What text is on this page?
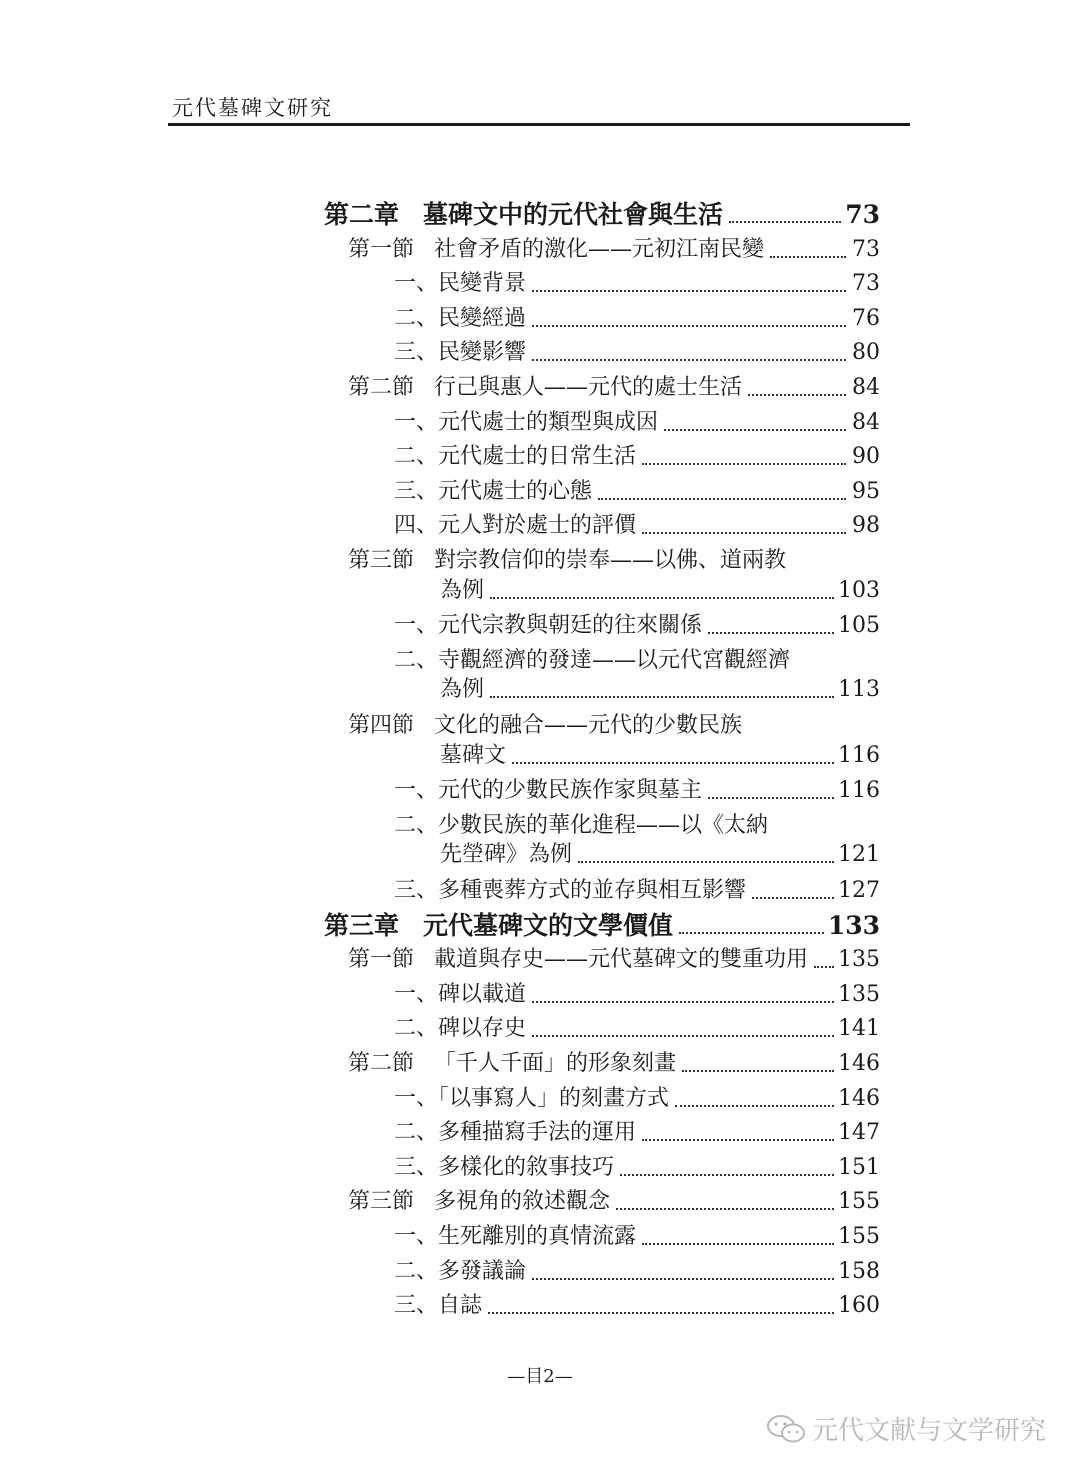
元代墓碑文研究
第二章 墓碑文中的元代社會與生活	73
第一節 社會矛盾的激化——元初江南民變	73
一、民變背景	73
二、民變經過	76
三、民變影響	80
第二節 行己與惠人——元代的處士生活	84
一、元代處士的類型與成因	84
二、元代處士的日常生活	90
三、元代處士的心態	95
四、元人對於處士的評價	98
第三節 對宗教信仰的崇奉——以佛、道兩教
為例	103
一、元代宗教與朝廷的往來關係	105
二、寺觀經濟的發達——以元代宮觀經濟
為例	113
第四節 文化的融合——元代的少數民族
墓碑文	116
一、元代的少數民族作家與墓主	116
二、少數民族的華化進程——以《太納
先塋碑》為例	121
三、多種喪葬方式的並存與相互影響	127
第三章 元代墓碑文的文學價值	133
第一節 載道與存史——元代墓碑文的雙重功用 135
一、碑以載道	135
二、碑以存史	141
第二節 「千人千面」的形象刻畫	146
一、「以事寫人」的刻畫方式	146
二、多種描寫手法的運用	147
三、多樣化的敘事技巧	151
第三節 多視角的敘述觀念	155
一、生死離別的真情流露	155
二、多發議論	158
三、自誌	160
—目2—
元代文献与文学研究
